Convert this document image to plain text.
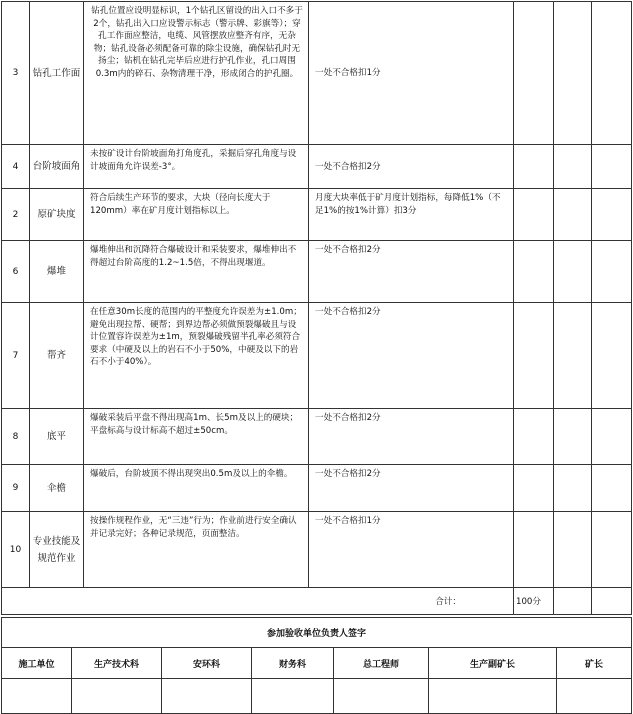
3	钻孔工作面	钻孔位置应设明显标识，1个钻孔区留设的出入口不多于2个，钻孔出入口应设警示标志（警示牌、彩旗等）；穿孔工作面应整洁，电缆、风管摆放应整齐有序，无杂物；钻孔设备必须配备可靠的除尘设施，确保钻孔时无扬尘；钻机在钻孔完毕后应进行护孔作业，孔口周围0.3m内的碎石、杂物清理干净，形成闭合的护孔圈。	一处不合格扣1分			
4	台阶坡面角	未按矿设计台阶坡面角打角度孔，采掘后穿孔角度与设计坡面角允许误差-3°。	一处不合格扣2分			
2	原矿块度	符合后续生产环节的要求，大块（径向长度大于120mm）率在矿月度计划指标以上。	月度大块率低于矿月度计划指标，每降低1%（不足1%的按1%计算）扣3分			
6	爆堆	爆堆伸出和沉降符合爆破设计和采装要求，爆堆伸出不得超过台阶高度的1.2~1.5倍，不得出现堰道。	一处不合格扣2分			
7	帮齐	在任意30m长度的范围内的平整度允许误差为±1.0m；避免出现拉帮、硬帮；到界边帮必须做预裂爆破且与设计位置容许误差为±1m，预裂爆破残留半孔率必须符合要求（中硬及以上的岩石不小于50%，中硬及以下的岩石不小于40%）。	一处不合格扣2分			
8	底平	爆破采装后平盘不得出现高1m、长5m及以上的硬块；平盘标高与设计标高不超过±50cm。	一处不合格扣2分			
9	伞檐	爆破后，台阶坡顶不得出现突出0.5m及以上的伞檐。	一处不合格扣2分			
10	专业技能及规范作业	按操作规程作业，无“三违”行为；作业前进行安全确认并记录完好；各种记录规范，页面整洁。	一处不合格扣1分			
合计：				100分		
参加验收单位负责人签字						
施工单位	生产技术科	安环科	财务科	总工程师	生产副矿长	矿长
